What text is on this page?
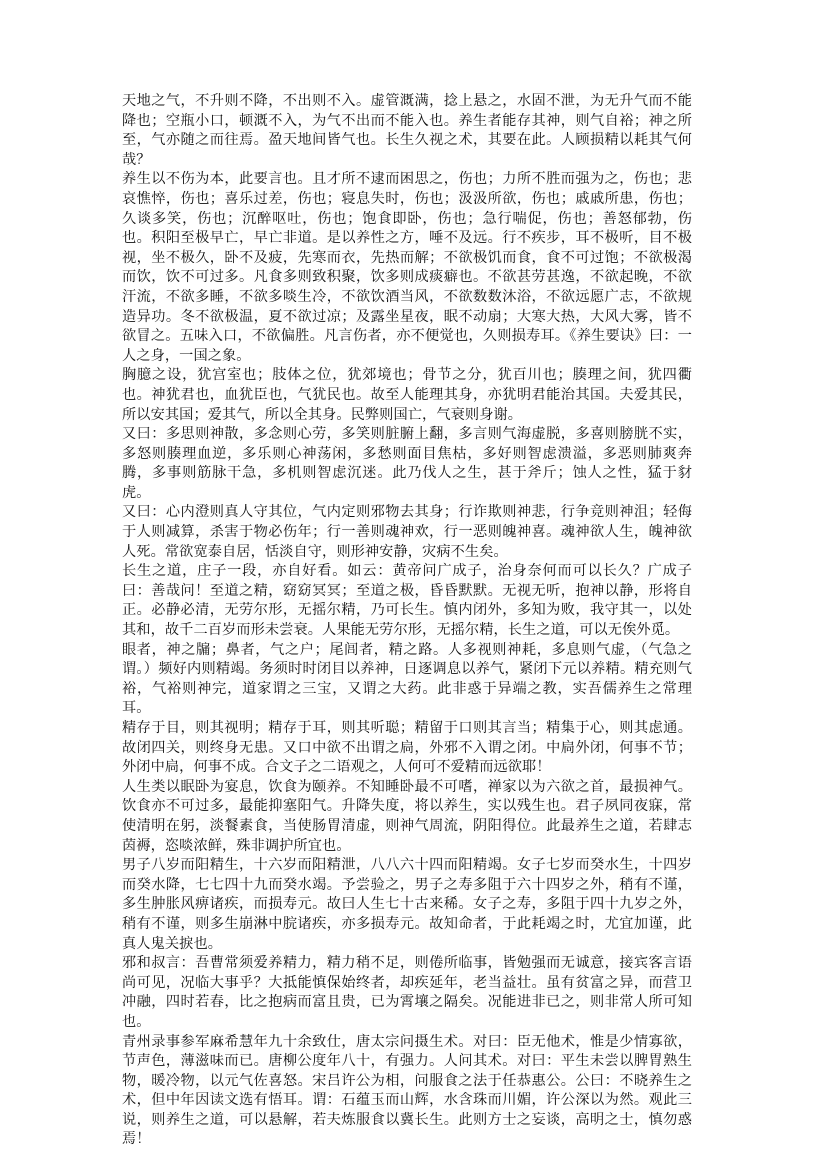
天地之气，不升则不降，不出则不入。虚管溉满，捻上悬之，水固不泄，为无升气而不能降也；空瓶小口，顿溉不入，为气不出而不能入也。养生者能存其神，则气自裕；神之所至，气亦随之而往焉。盈天地间皆气也。长生久视之术，其要在此。人顾损精以耗其气何哉？

养生以不伤为本，此要言也。且才所不逮而困思之，伤也；力所不胜而强为之，伤也；悲哀憔悴，伤也；喜乐过差，伤也；寝息失时，伤也；汲汲所欲，伤也；戚戚所患，伤也；久谈多笑，伤也；沉醉呕吐，伤也；饱食即卧，伤也；急行喘促，伤也；善怒郁勃，伤也。积阳至极早亡，早亡非道。是以养性之方，唾不及远。行不疾步，耳不极听，目不极视，坐不极久，卧不及疲，先寒而衣，先热而解；不欲极饥而食，食不可过饱；不欲极渴而饮，饮不可过多。凡食多则致积聚，饮多则成痰癖也。不欲甚劳甚逸，不欲起晚，不欲汗流，不欲多睡，不欲多啖生冷，不欲饮酒当风，不欲数数沐浴，不欲远愿广志，不欲规造异功。冬不欲极温，夏不欲过凉；及露坐星夜，眠不动扇；大寒大热，大风大雾，皆不欲冒之。五味入口，不欲偏胜。凡言伤者，亦不便觉也，久则损寿耳。《养生要诀》曰：一人之身，一国之象。

胸臆之设，犹宫室也；肢体之位，犹郊境也；骨节之分，犹百川也；腠理之间，犹四衢也。神犹君也，血犹臣也，气犹民也。故至人能理其身，亦犹明君能治其国。夫爱其民，所以安其国；爱其气，所以全其身。民弊则国亡，气衰则身谢。

又曰：多思则神散，多念则心劳，多笑则脏腑上翻，多言则气海虚脱，多喜则膀胱不实，多怒则腠理血逆，多乐则心神荡闲，多愁则面目焦枯，多好则智虑溃溢，多恶则肺爽奔腾，多事则筋脉干急，多机则智虑沉迷。此乃伐人之生，甚于斧斤；蚀人之性，猛于豺虎。

又曰：心内澄则真人守其位，气内定则邪物去其身；行诈欺则神悲，行争竞则神沮；轻侮于人则减算，杀害于物必伤年；行一善则魂神欢，行一恶则魄神喜。魂神欲人生，魄神欲人死。常欲宽泰自居，恬淡自守，则形神安静，灾病不生矣。

长生之道，庄子一段，亦自好看。如云：黄帝问广成子，治身奈何而可以长久？广成子曰：善哉问！至道之精，窈窈冥冥；至道之极，昏昏默默。无视无听，抱神以静，形将自正。必静必清，无劳尔形，无摇尔精，乃可长生。慎内闭外，多知为败，我守其一，以处其和，故千二百岁而形未尝衰。人果能无劳尔形，无摇尔精，长生之道，可以无俟外觅。

眼者，神之牖；鼻者，气之户；尾闾者，精之路。人多视则神耗，多息则气虚，（气急之谓。）频好内则精竭。务须时时闭目以养神，日逐调息以养气，紧闭下元以养精。精充则气裕，气裕则神完，道家谓之三宝，又谓之大药。此非惑于异端之教，实吾儒养生之常理耳。

精存于目，则其视明；精存于耳，则其听聪；精留于口则其言当；精集于心，则其虑通。故闭四关，则终身无患。又口中欲不出谓之扃，外邪不入谓之闭。中扃外闭，何事不节；外闭中扃，何事不成。合文子之二语观之，人何可不爱精而远欲耶！

人生类以眠卧为宴息，饮食为颐养。不知睡卧最不可嗜，禅家以为六欲之首，最损神气。饮食亦不可过多，最能抑塞阳气。升降失度，将以养生，实以残生也。君子夙同夜寐，常使清明在躬，淡餐素食，当使肠胃清虚，则神气周流，阴阳得位。此最养生之道，若肆志茵褥，恣啖浓鲜，殊非调护所宜也。

男子八岁而阳精生，十六岁而阳精泄，八八六十四而阳精竭。女子七岁而癸水生，十四岁而癸水降，七七四十九而癸水竭。予尝验之，男子之寿多阻于六十四岁之外，稍有不谨，多生肿胀风痹诸疾，而损寿元。故曰人生七十古来稀。女子之寿，多阻于四十九岁之外，稍有不谨，则多生崩淋中脘诸疾，亦多损寿元。故知命者，于此耗竭之时，尤宜加谨，此真人鬼关捩也。

邪和叔言：吾曹常须爱养精力，精力稍不足，则倦所临事，皆勉强而无诚意，接宾客言语尚可见，况临大事乎？大抵能慎保始终者，却疾延年，老当益壮。虽有贫富之异，而营卫冲融，四时若春，比之抱病而富且贵，已为霄壤之隔矣。况能进非已之，则非常人所可知也。

青州录事参军麻希慧年九十余致仕，唐太宗问摄生术。对曰：臣无他术，惟是少情寡欲，节声色，薄滋味而已。唐柳公度年八十，有强力。人问其术。对曰：平生未尝以脾胃熟生物，暖冷物，以元气佐喜怒。宋吕许公为相，问服食之法于任恭惠公。公曰：不晓养生之术，但中年因读文选有悟耳。谓：石蕴玉而山辉，水含珠而川媚，许公深以为然。观此三说，则养生之道，可以悬解，若夫炼服食以冀长生。此则方士之妄谈，高明之士，慎勿惑焉！
